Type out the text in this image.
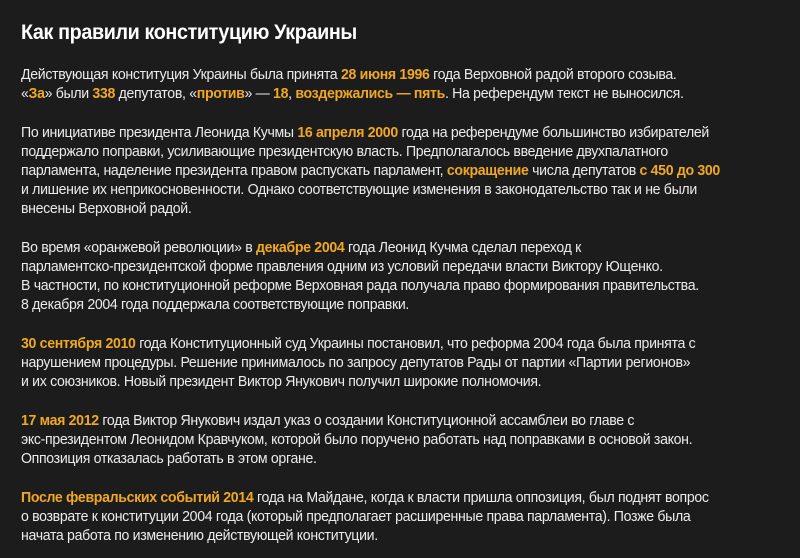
Как правили конституцию Украины
Действующая конституция Украины была принята 28 июня 1996 года Верховной радой второго созыва.
«За» были 338 депутатов, «против» — 18, воздержались — пять. На референдум текст не выносился.
По инициативе президента Леонида Кучмы 16 апреля 2000 года на референдуме большинство избирателей
поддержало поправки, усиливающие президентскую власть. Предполагалось введение двухпалатного
парламента, наделение президента правом распускать парламент, сокращение числа депутатов с 450 до 300
и лишение их неприкосновенности. Однако соответствующие изменения в законодательство так и не были
внесены Верховной радой.
Во время «оранжевой революции» в декабре 2004 года Леонид Кучма сделал переход к
парламентско-президентской форме правления одним из условий передачи власти Виктору Ющенко.
В частности, по конституционной реформе Верховная рада получала право формирования правительства.
8 декабря 2004 года поддержала соответствующие поправки.
30 сентября 2010 года Конституционный суд Украины постановил, что реформа 2004 года была принята с
нарушением процедуры. Решение принималось по запросу депутатов Рады от партии «Партии регионов»
и их союзников. Новый президент Виктор Янукович получил широкие полномочия.
17 мая 2012 года Виктор Янукович издал указ о создании Конституционной ассамблеи во главе с
экс-президентом Леонидом Кравчуком, которой было поручено работать над поправками в основой закон.
Оппозиция отказалась работать в этом органе.
После февральских событий 2014 года на Майдане, когда к власти пришла оппозиция, был поднят вопрос
о возврате к конституции 2004 года (который предполагает расширенные права парламента). Позже была
начата работа по изменению действующей конституции.
